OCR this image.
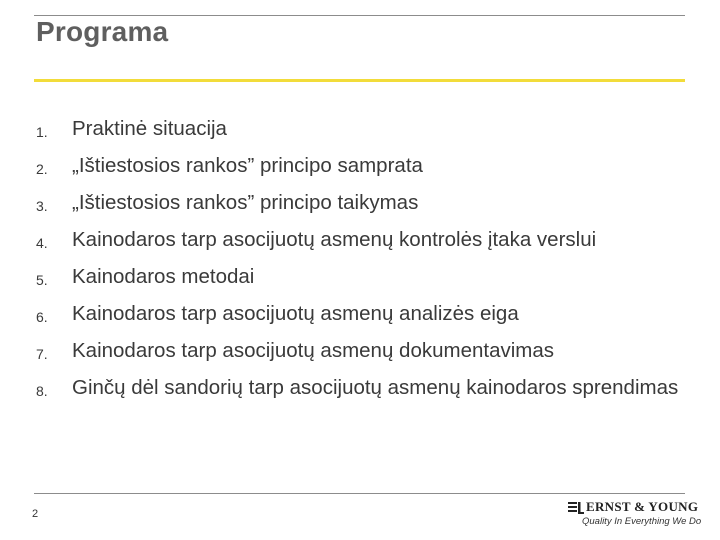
Programa
1.	Praktinė situacija
2.	„Ištiestosios rankos” principo samprata
3.	„Ištiestosios rankos” principo taikymas
4.	Kainodaros tarp asocijuotų asmenų kontrolės įtaka verslui
5.	Kainodaros metodai
6.	Kainodaros tarp asocijuotų asmenų analizės eiga
7.	Kainodaros tarp asocijuotų asmenų dokumentavimas
8.	Ginčų dėl sandorių tarp asocijuotų asmenų kainodaros sprendimas
2	ERNST & YOUNG
Quality In Everything We Do
